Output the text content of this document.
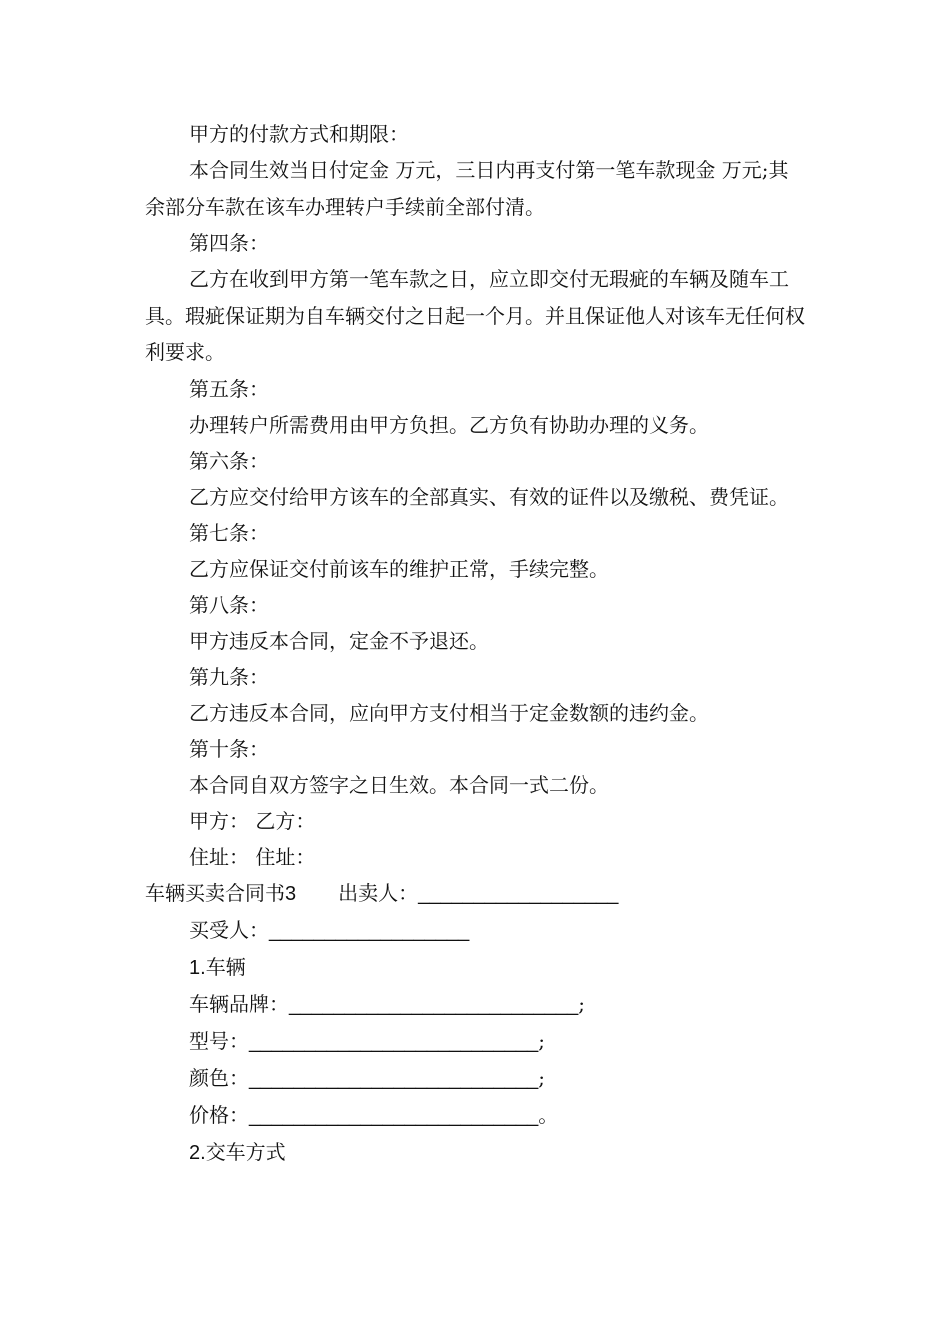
甲方的付款方式和期限：

本合同生效当日付定金 万元，三日内再支付第一笔车款现金 万元;其余部分车款在该车办理转户手续前全部付清。

第四条：

乙方在收到甲方第一笔车款之日，应立即交付无瑕疵的车辆及随车工具。瑕疵保证期为自车辆交付之日起一个月。并且保证他人对该车无任何权利要求。

第五条：

办理转户所需费用由甲方负担。乙方负有协助办理的义务。

第六条：

乙方应交付给甲方该车的全部真实、有效的证件以及缴税、费凭证。

第七条：

乙方应保证交付前该车的维护正常，手续完整。

第八条：

甲方违反本合同，定金不予退还。

第九条：

乙方违反本合同，应向甲方支付相当于定金数额的违约金。

第十条：

本合同自双方签字之日生效。本合同一式二份。

甲方： 乙方：

住址： 住址：

车辆买卖合同书3 出卖人：__________________

买受人：__________________

1.车辆

车辆品牌：__________________________;

型号：__________________________;

颜色：__________________________;

价格：__________________________。

2.交车方式
